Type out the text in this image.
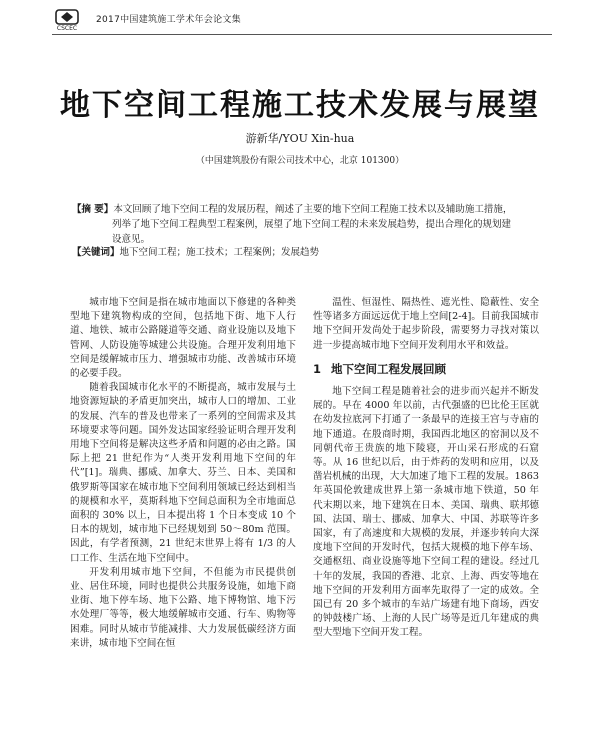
CSCEC
2017中国建筑施工学术年会论文集
地下空间工程施工技术发展与展望
游新华/YOU Xin-hua
（中国建筑股份有限公司技术中心，北京 101300）
【摘 要】本文回顾了地下空间工程的发展历程，阐述了主要的地下空间工程施工技术以及辅助施工措施，
列举了地下空间工程典型工程案例，展望了地下空间工程的未来发展趋势，提出合理化的规划建
设意见。
【关键词】地下空间工程；施工技术；工程案例；发展趋势

城市地下空间是指在城市地面以下修建的各种类型地下建筑物构成的空间，包括地下街、地下人行道、地铁、城市公路隧道等交通、商业设施以及地下管网、人防设施等城建公共设施。合理开发利用地下空间是缓解城市压力、增强城市功能、改善城市环境的必要手段。

随着我国城市化水平的不断提高，城市发展与土地资源短缺的矛盾更加突出，城市人口的增加、工业的发展、汽车的普及也带来了一系列的空间需求及其环境要求等问题。国外发达国家经验证明合理开发利用地下空间将是解决这些矛盾和问题的必由之路。国际上把 21 世纪作为“人类开发利用地下空间的年代”[1]。瑞典、挪威、加拿大、芬兰、日本、美国和俄罗斯等国家在城市地下空间利用领域已经达到相当的规模和水平，莫斯科地下空间总面积为全市地面总面积的 30% 以上，日本提出将 1 个日本变成 10 个日本的规划，城市地下已经规划到 50～80m 范围。因此，有学者预测，21 世纪末世界上将有 1/3 的人口工作、生活在地下空间中。

开发利用城市地下空间，不但能为市民提供创业、居住环境，同时也提供公共服务设施，如地下商业街、地下停车场、地下公路、地下博物馆、地下污水处理厂等等，极大地缓解城市交通、行车、购物等困难。同时从城市节能减排、大力发展低碳经济方面来讲，城市地下空间在恒

温性、恒湿性、隔热性、遮光性、隐蔽性、安全性等诸多方面远远优于地上空间[2-4]。目前我国城市地下空间开发尚处于起步阶段，需要努力寻找对策以进一步提高城市地下空间开发利用水平和效益。

1 地下空间工程发展回顾

地下空间工程是随着社会的进步而兴起并不断发展的。早在 4000 年以前，古代强盛的巴比伦王匡就在幼发拉底河下打通了一条最早的连接王宫与寺庙的地下通道。在殷商时期，我国西北地区的窑洞以及不同朝代帝王贵族的地下陵寝，开山采石形成的石窟等。从 16 世纪以后，由于炸药的发明和应用，以及凿岩机械的出现，大大加速了地下工程的发展。1863 年英国伦敦建成世界上第一条城市地下铁道，50 年代末期以来，地下建筑在日本、美国、瑞典、联邦德国、法国、瑞士、挪威、加拿大、中国、苏联等许多国家，有了高速度和大规模的发展，并逐步转向大深度地下空间的开发时代，包括大规模的地下停车场、交通枢纽、商业设施等地下空间工程的建设。经过几十年的发展，我国的香港、北京、上海、西安等地在地下空间的开发利用方面率先取得了一定的成效。全国已有 20 多个城市的车站广场建有地下商场，西安的钟鼓楼广场、上海的人民广场等是近几年建成的典型大型地下空间开发工程。
